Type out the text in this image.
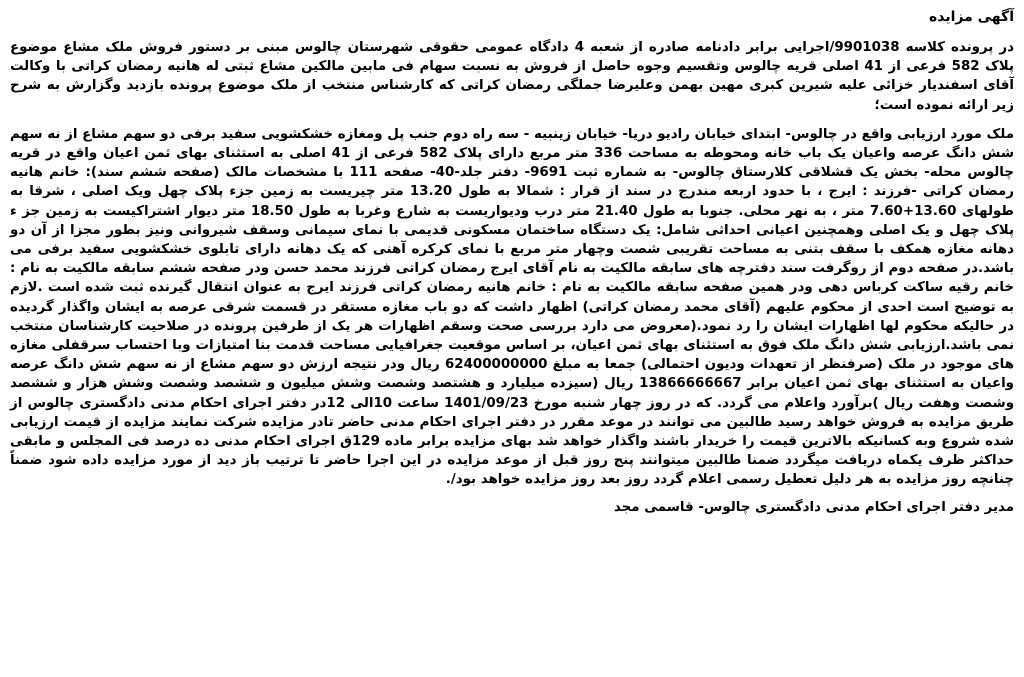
آگهی مزایده

در پرونده کلاسه 9901038/اجرایی برابر دادنامه صادره از شعبه 4 دادگاه عمومی حقوقی شهرستان چالوس مبنی بر دستور فروش ملک مشاع موضوع پلاک 582 فرعی از 41 اصلی قریه چالوس وتقسیم وجوه حاصل از فروش به نسبت سهام فی مابین مالکین مشاع ثبتی له هانیه رمضان کراتی با وکالت آقای اسفندیار خزائی علیه شیرین کبری مهین بهمن وعلیرضا جملگی رمضان کراتی که کارشناس منتخب از ملک موضوع پرونده بازدید وگزارش به شرح زیر ارائه نموده است؛

ملک مورد ارزیابی واقع در چالوس- ابتدای خیابان رادیو دریا- خیابان زینبیه - سه راه دوم جنب پل ومغازه خشکشویی سفید برفی دو سهم مشاع از نه سهم شش دانگ عرصه واعیان یک باب خانه ومحوطه به مساحت 336 متر مربع دارای پلاک 582 فرعی از 41 اصلی به استثنای بهای ثمن اعیان واقع در قریه چالوس محله- بخش یک قشلاقی کلارستاق چالوس- به شماره ثبت 9691- دفتر جلد-40- صفحه 111 با مشخصات مالک (صفحه ششم سند): خانم هانیه رمضان کراتی -فرزند : ایرج ، با حدود اربعه مندرج در سند از قرار : شمالا به طول 13.20 متر چیریست به زمین جزء پلاک چهل ویک اصلی ، شرقا به طولهای 13.60+7.60 متر ، به نهر محلی. جنوبا به طول 21.40 متر درب ودیواریست به شارع وغربا به طول 18.50 متر دیوار اشتراکیست به زمین جز ء پلاک چهل و یک اصلی وهمچنین اعیانی احداثی شامل: یک دستگاه ساختمان مسکونی قدیمی با نمای سیمانی وسقف شیروانی ونیز بطور مجزا از آن دو دهانه مغازه همکف با سقف بتنی به مساحت تقریبی شصت وچهار متر مربع با نمای کرکره آهنی که یک دهانه دارای تابلوی خشکشویی سفید برفی می باشد.در صفحه دوم از روگرفت سند دفترچه های سابقه مالکیت به نام آقای ایرج رمضان کراتی فرزند محمد حسن ودر صفحه ششم سابقه مالکیت به نام : خانم رقیه ساکت کرباس دهی ودر همین صفحه سابقه مالکیت به نام : خانم هانیه رمضان کراتی فرزند ایرج به عنوان انتقال گیرنده ثبت شده است .لازم به توضیح است احدی از محکوم علیهم (آقای محمد رمضان کراتی) اظهار داشت که دو باب مغازه مستقر در قسمت شرقی عرصه به ایشان واگذار گردیده در حالیکه محکوم لها اظهارات ایشان را رد نمود.(معروض می دارد بررسی صحت وسقم اظهارات هر یک از طرفین پرونده در صلاحیت کارشناسان منتخب نمی باشد.ارزیابی شش دانگ ملک فوق به استثنای بهای ثمن اعیان، بر اساس موقعیت جغرافیایی مساحت قدمت بنا امتیازات وبا احتساب سرقفلی مغازه های موجود در ملک (صرفنظر از تعهدات ودیون احتمالی) جمعا به مبلغ 62400000000 ریال ودر نتیجه ارزش دو سهم مشاع از نه سهم شش دانگ عرصه واعیان به استثنای بهای ثمن اعیان برابر 13866666667 ریال (سیزده میلیارد و هشتصد وشصت وشش میلیون و ششصد وشصت وشش هزار و ششصد وشصت وهفت ریال )برآورد واعلام می گردد. که در روز چهار شنبه مورخ 1401/09/23 ساعت 10الی 12در دفتر اجرای احکام مدنی دادگستری چالوس از طریق مزایده به فروش خواهد رسید طالبین می توانند در موعد مقرر در دفتر اجرای احکام مدنی حاضر تادر مزایده شرکت نمایند مزایده از قیمت ارزیابی شده شروع وبه کسانیکه بالاترین قیمت را خریدار باشند واگذار خواهد شد بهای مزایده برابر ماده 129ق اجرای احکام مدنی ده درصد فی المجلس و مابقی حداکثر ظرف یکماه دریافت میگردد ضمنا طالبین میتوانند پنج روز قبل از موعد مزایده در این اجرا حاضر تا ترتیب باز دید از مورد مزایده داده شود ضمناً چنانچه روز مزایده به هر دلیل تعطیل رسمی اعلام گردد روز بعد روز مزایده خواهد بود/.

مدیر دفتر اجرای احکام مدنی دادگستری چالوس- قاسمی مجد
